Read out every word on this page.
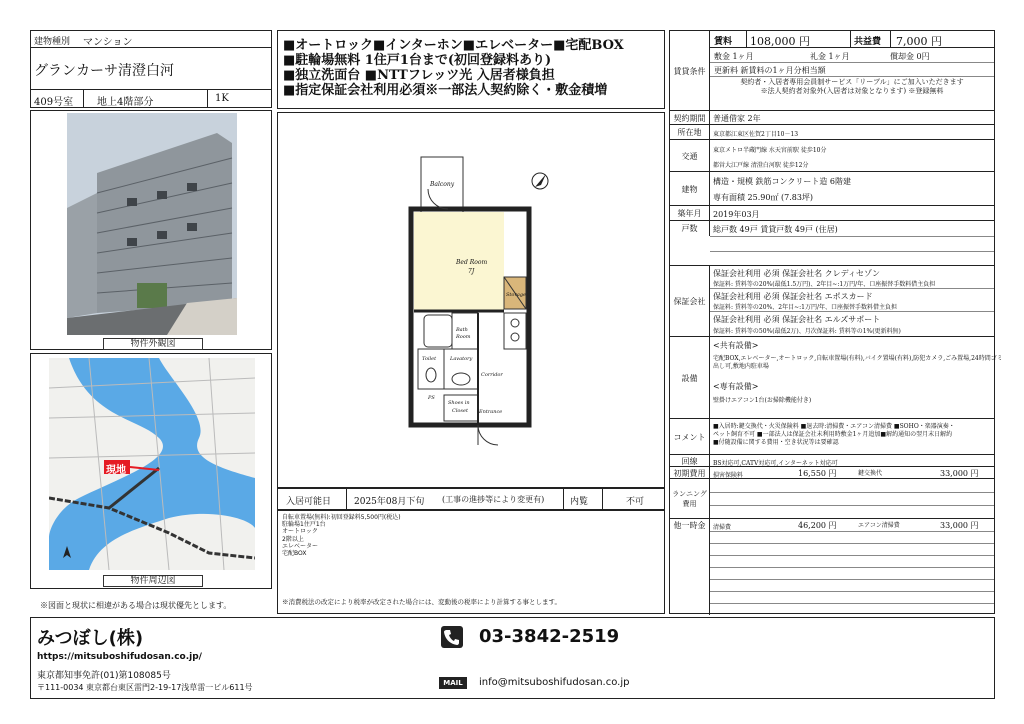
建物種別 マンション
グランカーサ清澄白河
409号室 地上4階部分	1K
物件外観図
現地
物件周辺図
※図面と現状に相違がある場合は現状優先とします。
■オートロック■インターホン■エレベーター■宅配BOX
■駐輪場無料 1住戸1台まで(初回登録料あり)
■独立洗面台 ■NTTフレッツ光 入居者様負担
■指定保証会社利用必須※一部法人契約除く・敷金積増
Balcony
Bed Room
7J
Storage
Bath
Room
Toilet	Lavatory
Corridor
Shoes in
Closet Entrance
PS
入居可能日	2025年08月下旬 (工事の進捗等により変更有)	内覧	不可
自転車置場(無料):初回登録料5,500円(税込)
駐輪場1住戸1台
オートロック
2階以上
エレベーター
宅配BOX
※消費税法の改定により税率が改定された場合には、変動後の税率により計算する事とします。
賃貸条件
賃料 108,000 円	共益費 7,000 円
敷金 1ヶ月	礼金 1ヶ月	償却金 0円
更新料 新賃料の1ヶ月分相当額
契約者・入居者専用会員制サービス「リーブル」にご加入いただきます
※法人契約者対象外(入居者は対象となります) ※登録無料
契約期間 普通借家 2年
所在地	東京都江東区佐賀2丁目10－13
交通
東京メトロ半蔵門線 水天宮前駅 徒歩10分
都営大江戸線 清澄白河駅 徒歩12分
建物
構造・規模 鉄筋コンクリート造 6階建
専有面積 25.90㎡ (7.83坪)
築年月	2019年03月
戸数	総戸数 49戸 賃貸戸数 49戸 (住居)
保証会社
保証会社利用 必須 保証会社名 クレディセゾン
保証料: 賃料等の20%(最低1.5万円)、2年目~:1万円/年、口座振替手数料借主負担
保証会社利用 必須 保証会社名 エポスカード
保証料: 賃料等の20%、2年目~:1万円/年、口座振替手数料借主負担
保証会社利用 必須 保証会社名 エルズサポート
保証料: 賃料等の50%(最低2万)、月次保証料: 賃料等の1%(更新料無)
設備
<共有設備>
宅配BOX,エレベーター,オートロック,自転車置場(有料),バイク置場(有料),防犯カメラ,ごみ置場,24時間ゴミ
出し可,敷地内駐車場
<専有設備>
壁掛けエアコン1台(お掃除機能付き)
コメント
■入居時:鍵交換代・火災保険料 ■退去時:清掃費・エアコン清掃費 ■SOHO・楽器演奏・
ペット飼育不可 ■一部法人は保証会社未利用時敷金1ヶ月追加■解約通知の翌月末日解約
■付随設備に関する費用・空き状況等は要確認
回線	BS対応可,CATV対応可,インターネット対応可
初期費用	損害保険料	16,550 円	鍵交換代	33,000 円
ランニング費用
他一時金	清掃費	46,200 円	エアコン清掃費	33,000 円
みつぼし(株)
https://mitsuboshifudosan.co.jp/
東京都知事免許(01)第108085号
〒111-0034 東京都台東区雷門2-19-17浅草雷一ビル611号
03-3842-2519
MAIL	info@mitsuboshifudosan.co.jp
